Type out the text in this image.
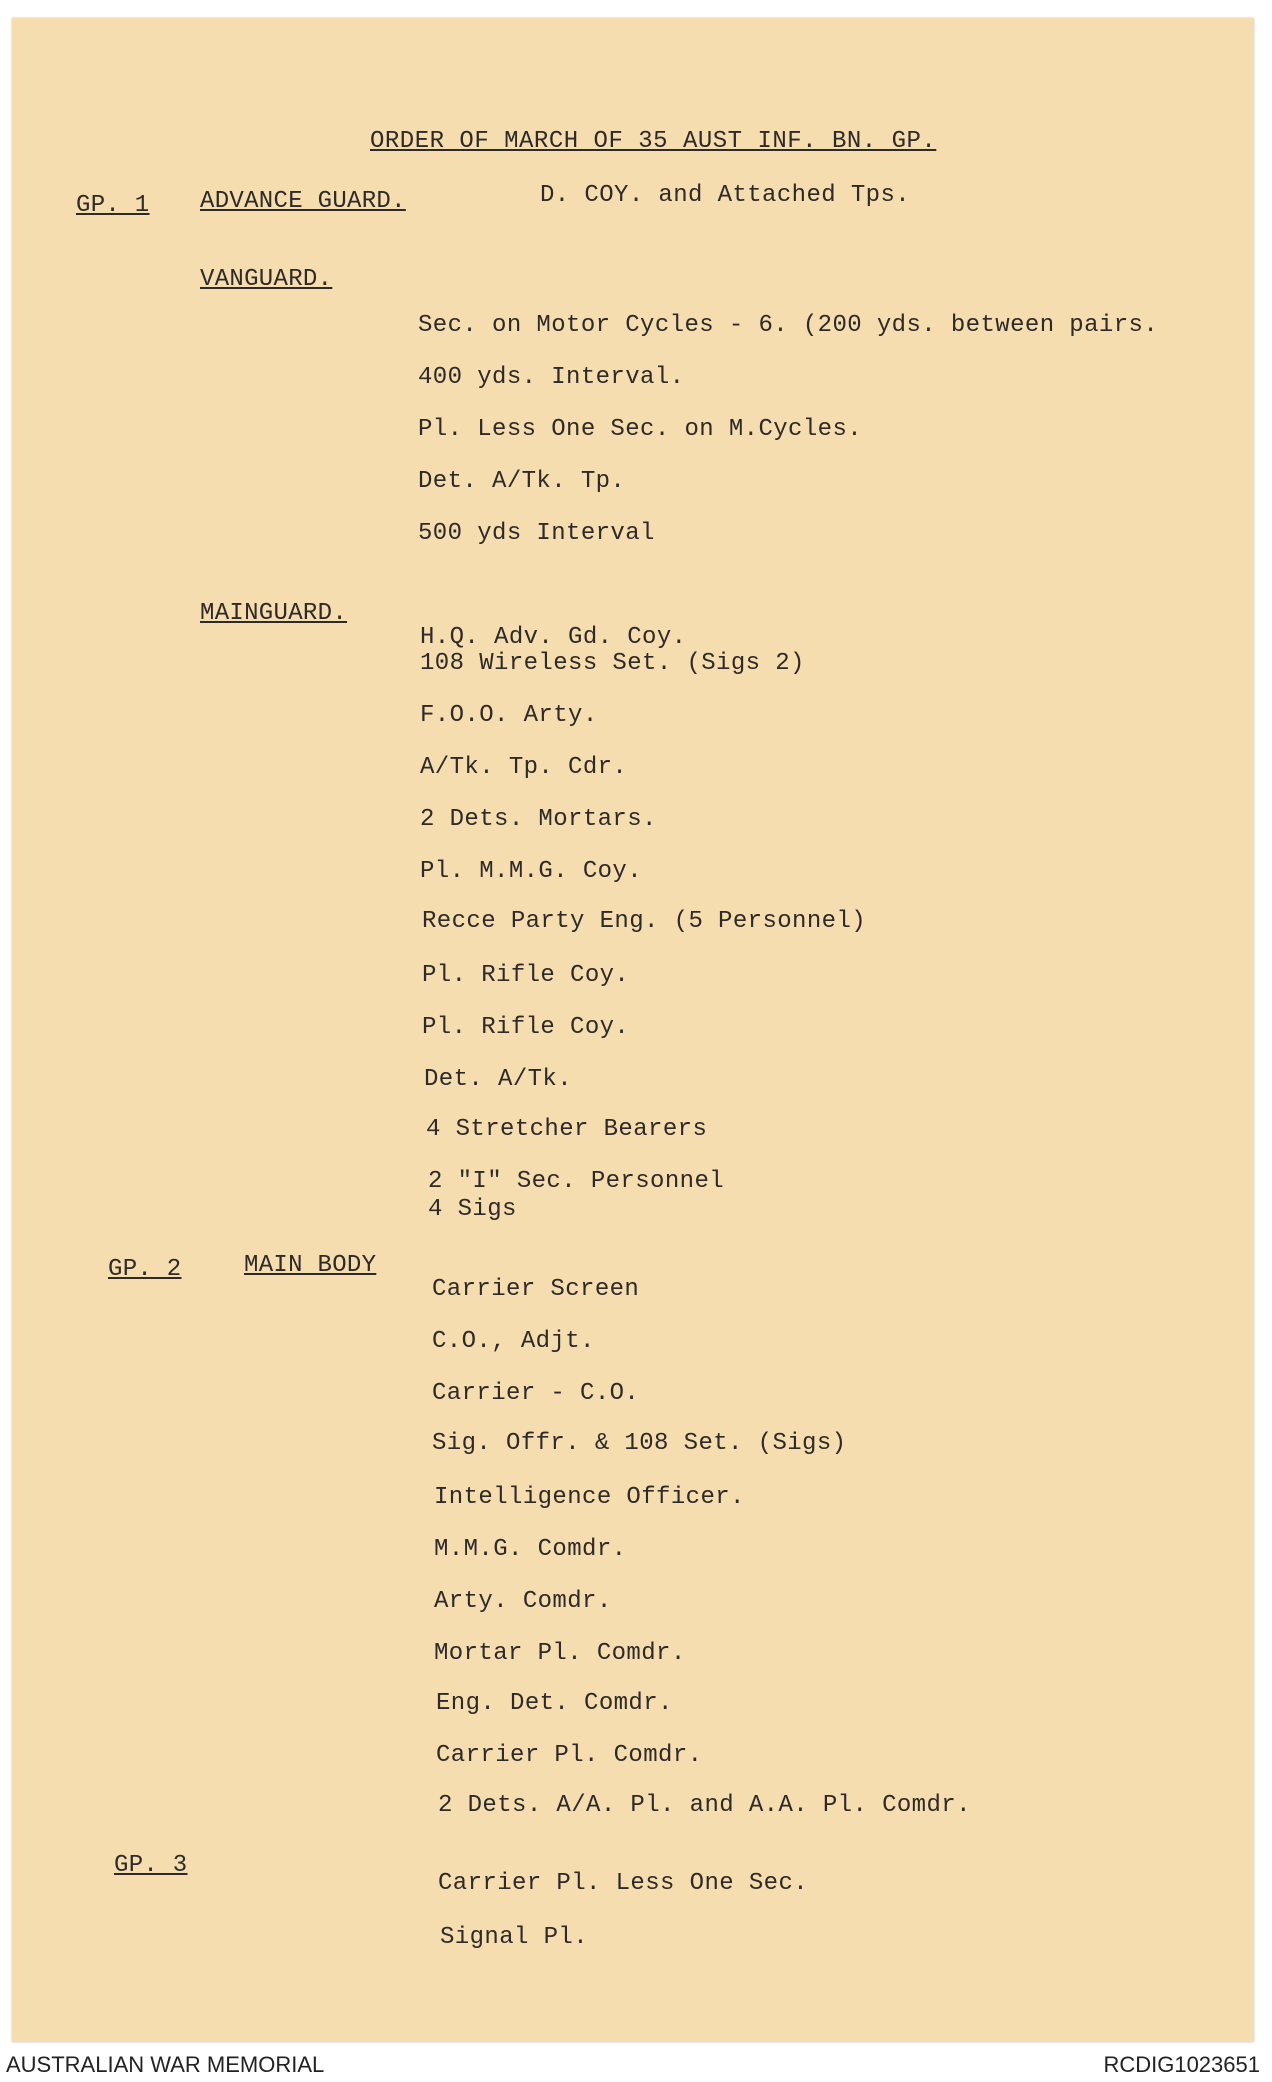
ORDER OF MARCH OF 35 AUST INF. BN. GP.
GP. 1 ADVANCE GUARD.	D. COY. and Attached Tps.
VANGUARD.
Sec. on Motor Cycles - 6. (200 yds. between pairs.
400 yds. Interval.
Pl. Less One Sec. on M.Cycles.
Det. A/Tk. Tp.
500 yds Interval
MAINGUARD.
H.Q. Adv. Gd. Coy.
108 Wireless Set. (Sigs 2)
F.O.O. Arty.
A/Tk. Tp. Cdr.
2 Dets. Mortars.
Pl. M.M.G. Coy.
Recce Party Eng. (5 Personnel)
Pl. Rifle Coy.
Pl. Rifle Coy.
Det. A/Tk.
4 Stretcher Bearers
2 "I" Sec. Personnel
4 Sigs
GP. 2	MAIN BODY
Carrier Screen
C.O., Adjt.
Carrier - C.O.
Sig. Offr. & 108 Set. (Sigs)
Intelligence Officer.
M.M.G. Comdr.
Arty. Comdr.
Mortar Pl. Comdr.
Eng. Det. Comdr.
Carrier Pl. Comdr.
2 Dets. A/A. Pl. and A.A. Pl. Comdr.
GP. 3
Carrier Pl. Less One Sec.
Signal Pl.
AUSTRALIAN WAR MEMORIAL	RCDIG1023651
